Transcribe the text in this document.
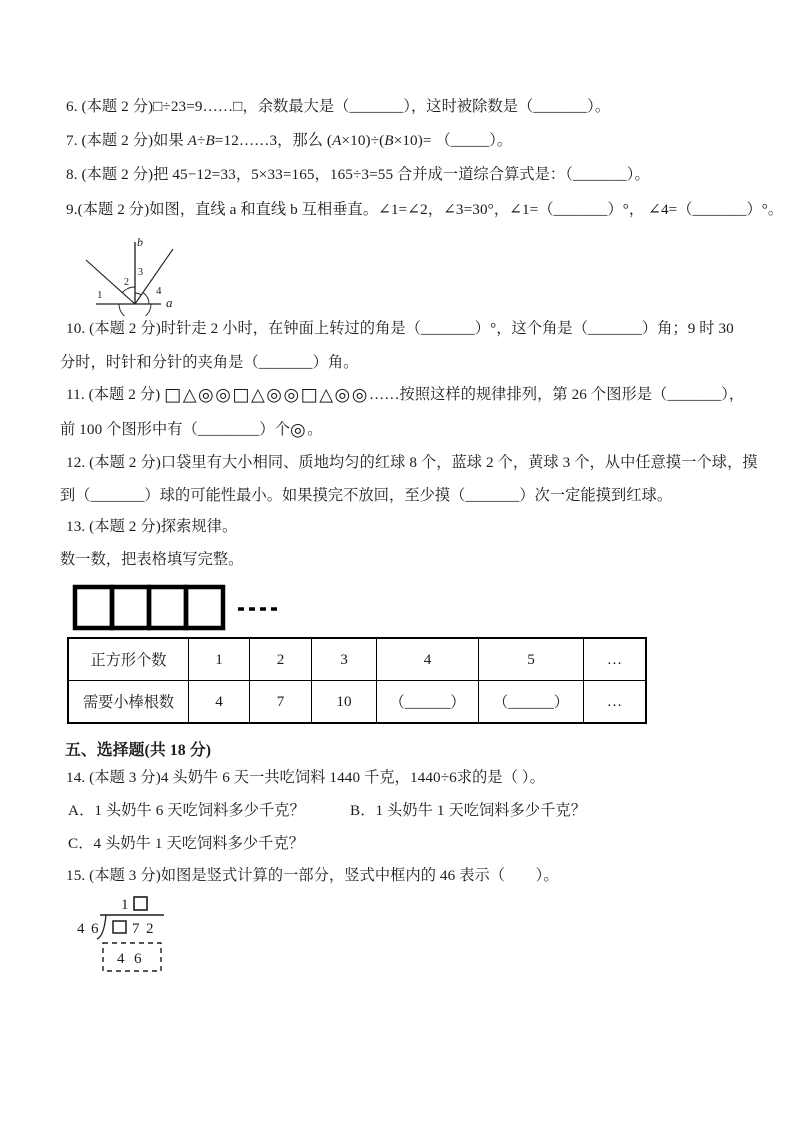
6. (本题 2 分)□÷23=9……□，余数最大是（_______），这时被除数是（_______）。
7. (本题 2 分)如果 A÷B=12……3，那么 (A×10)÷(B×10)= （_____）。
8. (本题 2 分)把 45−12=33，5×33=165，165÷3=55 合并成一道综合算式是：（_______）。
9.(本题 2 分)如图，直线 a 和直线 b 互相垂直。∠1=∠2，∠3=30°，∠1=（_______）°， ∠4=（_______）°。
b
a
1
2
3
4
10. (本题 2 分)时针走 2 小时，在钟面上转过的角是（_______）°，这个角是（_______）角；9 时 30
分时，时针和分针的夹角是（_______）角。
11. (本题 2 分) □△◎◎□△◎◎□△◎◎……按照这样的规律排列，第 26 个图形是（_______），
前 100 个图形中有（________）个◎。
12. (本题 2 分)口袋里有大小相同、质地均匀的红球 8 个，蓝球 2 个，黄球 3 个，从中任意摸一个球，摸
到（_______）球的可能性最小。如果摸完不放回，至少摸（_______）次一定能摸到红球。
13. (本题 2 分)探索规律。
数一数，把表格填写完整。
正方形个数	1	2	3	4	5	…
需要小棒根数	4	7	10	（______）	（______）	…
五、选择题(共 18 分)
14. (本题 3 分)4 头奶牛 6 天一共吃饲料 1440 千克，1440÷6求的是（ ）。
A．1 头奶牛 6 天吃饲料多少千克？	B．1 头奶牛 1 天吃饲料多少千克？
C．4 头奶牛 1 天吃饲料多少千克？
15. (本题 3 分)如图是竖式计算的一部分，竖式中框内的 46 表示（　　）。
1
4 6 7 2
4 6
